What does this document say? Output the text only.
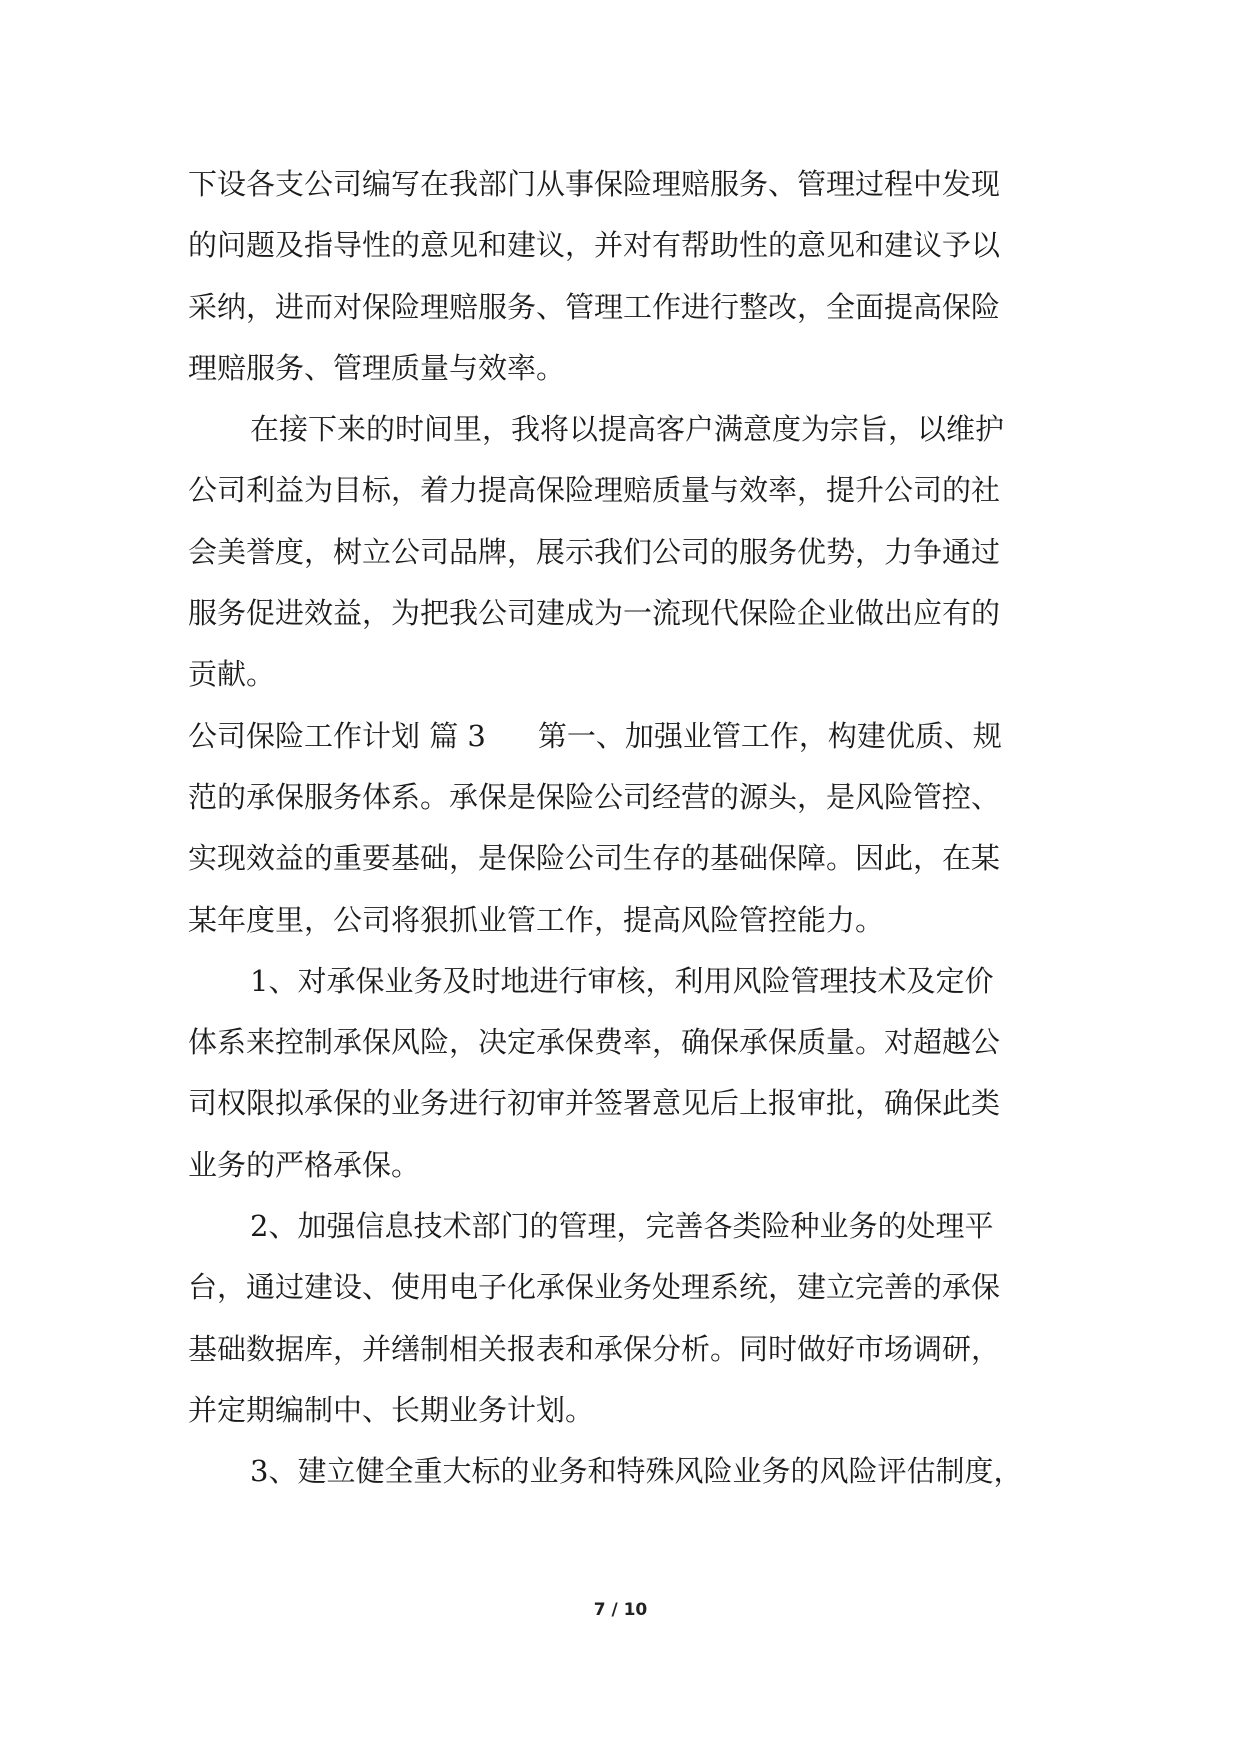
下设各支公司编写在我部门从事保险理赔服务、管理过程中发现
的问题及指导性的意见和建议，并对有帮助性的意见和建议予以
采纳，进而对保险理赔服务、管理工作进行整改，全面提高保险
理赔服务、管理质量与效率。
在接下来的时间里，我将以提高客户满意度为宗旨，以维护
公司利益为目标，着力提高保险理赔质量与效率，提升公司的社
会美誉度，树立公司品牌，展示我们公司的服务优势，力争通过
服务促进效益，为把我公司建成为一流现代保险企业做出应有的
贡献。
公司保险工作计划 篇 3 第一、加强业管工作，构建优质、规
范的承保服务体系。承保是保险公司经营的源头，是风险管控、
实现效益的重要基础，是保险公司生存的基础保障。因此，在某
某年度里，公司将狠抓业管工作，提高风险管控能力。
1、对承保业务及时地进行审核，利用风险管理技术及定价
体系来控制承保风险，决定承保费率，确保承保质量。对超越公
司权限拟承保的业务进行初审并签署意见后上报审批，确保此类
业务的严格承保。
2、加强信息技术部门的管理，完善各类险种业务的处理平
台，通过建设、使用电子化承保业务处理系统，建立完善的承保
基础数据库，并缮制相关报表和承保分析。同时做好市场调研，
并定期编制中、长期业务计划。
3、建立健全重大标的业务和特殊风险业务的风险评估制度，
7 / 10
